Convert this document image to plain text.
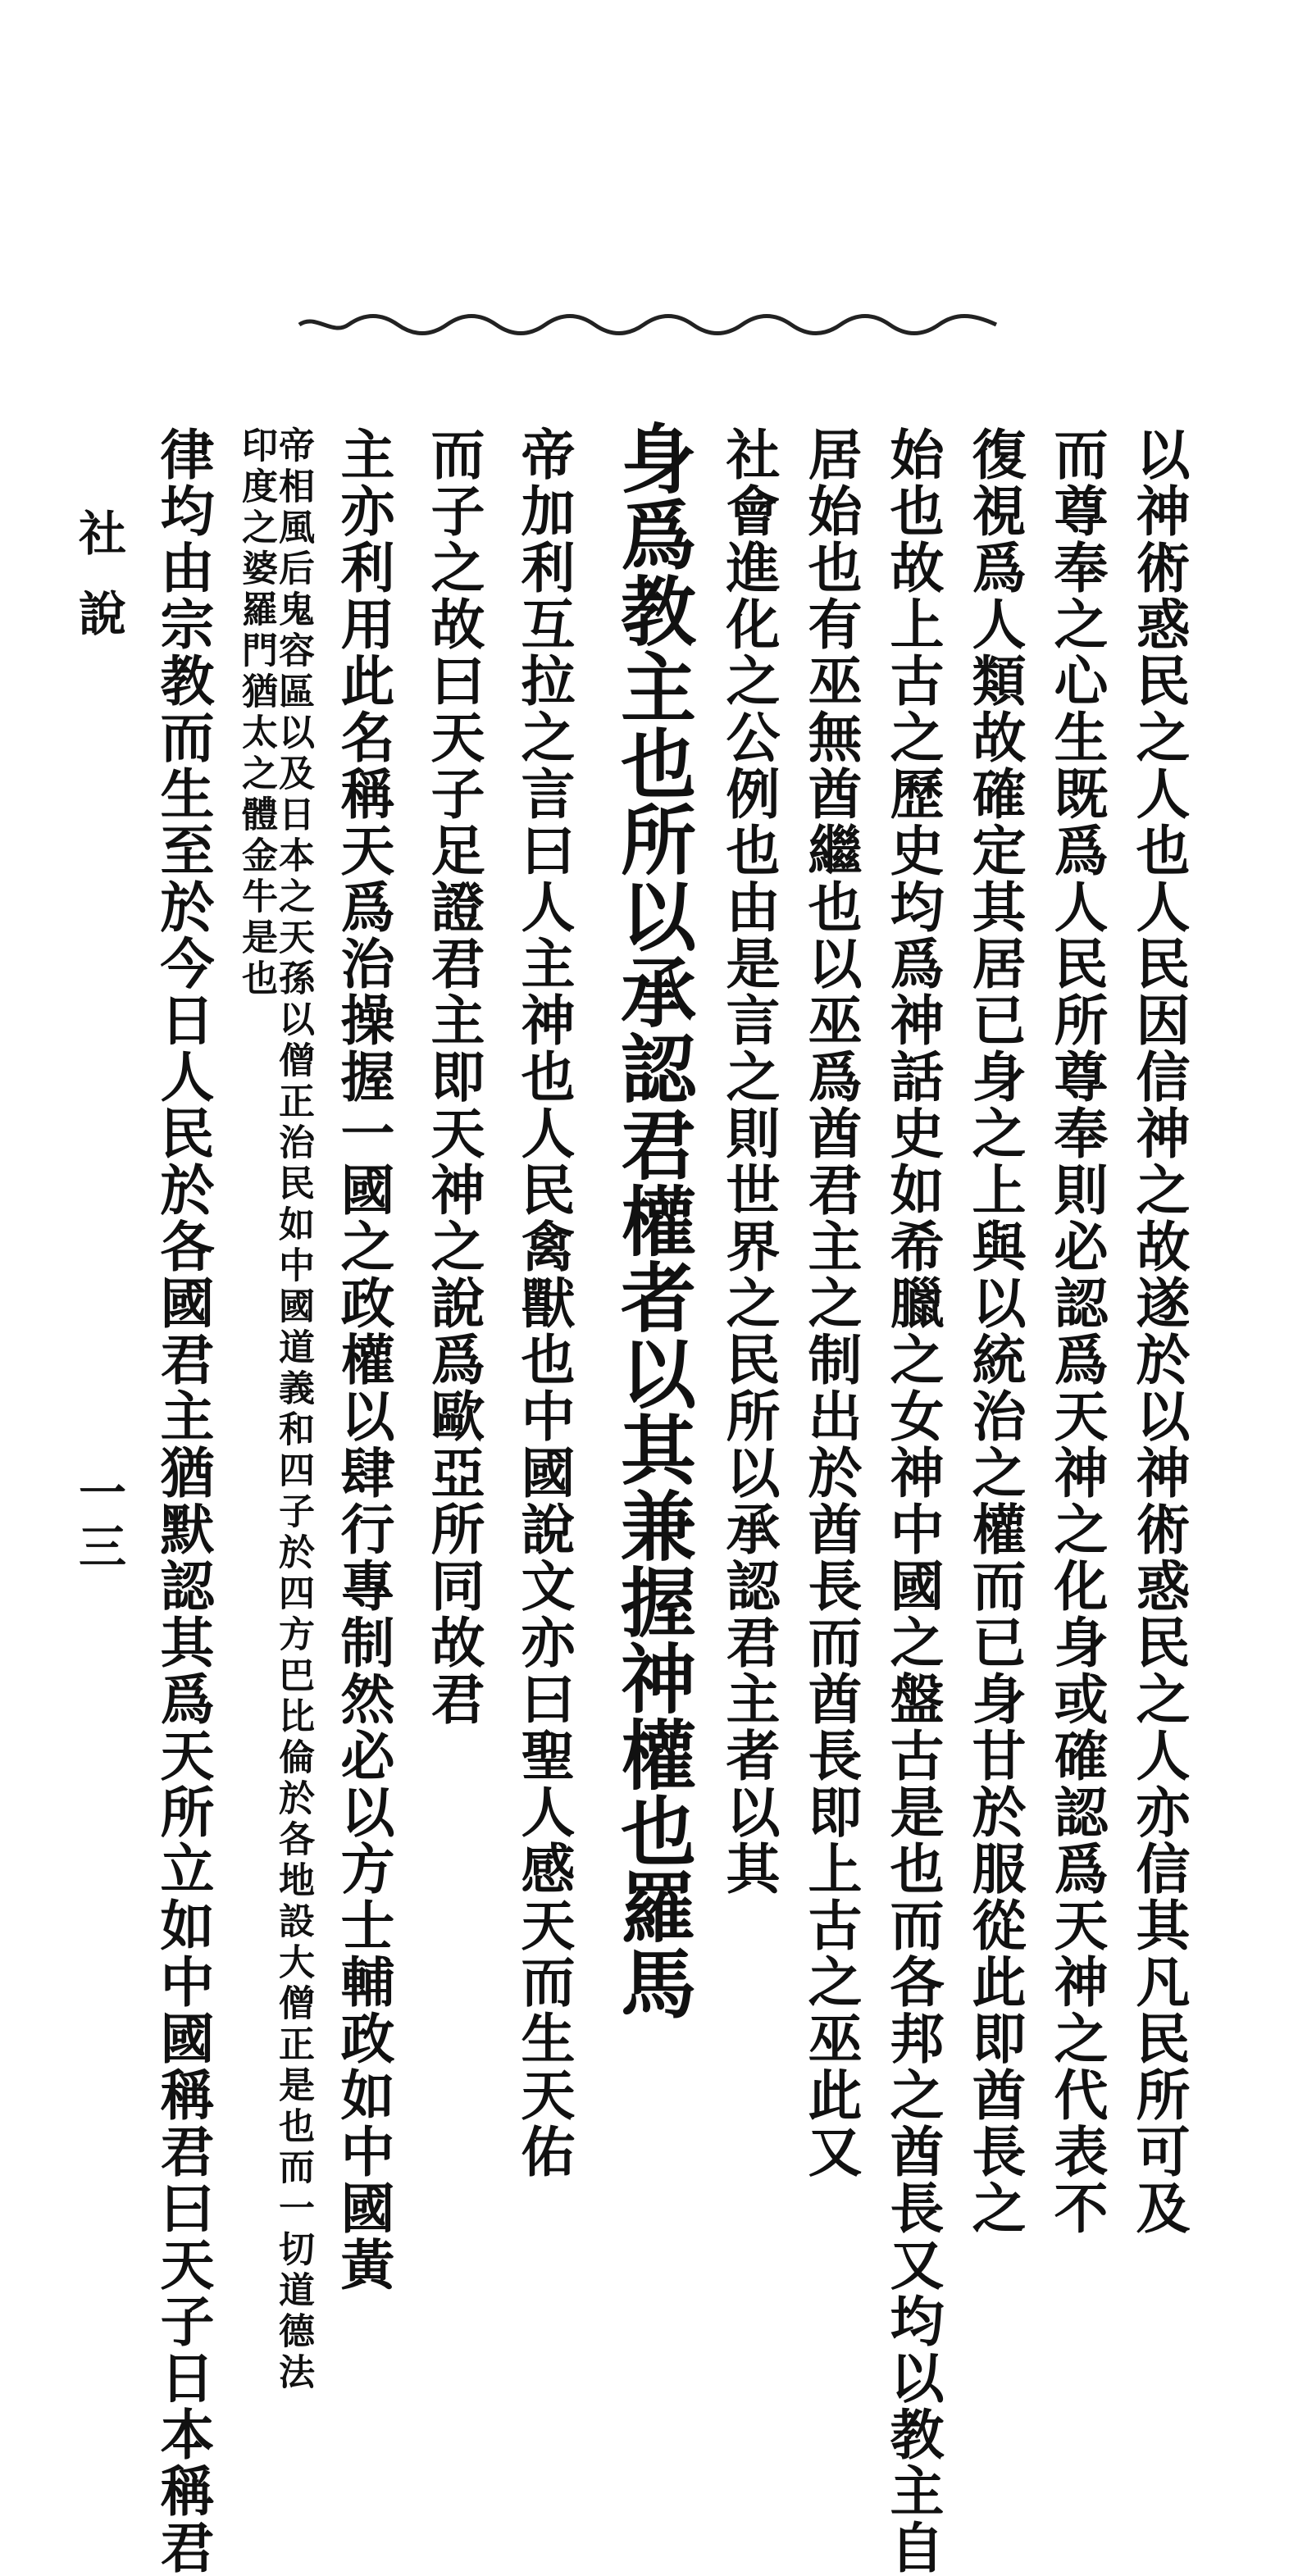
以神術惑民之人也人民因信神之故遂於以神術惑民之人亦信其凡民所可及
而尊奉之心生既爲人民所尊奉則必認爲天神之化身或確認爲天神之代表不
復視爲人類故確定其居已身之上與以統治之權而已身甘於服從此即酋長之
始也故上古之歷史均爲神話史如希臘之女神中國之盤古是也而各邦之酋長又均以教主自
居始也有巫無酋繼也以巫爲酋君主之制出於酋長而酋長即上古之巫此又
社會進化之公例也由是言之則世界之民所以承認君主者以其
身爲教主也所以承認君權者以其兼握神權也羅馬
帝加利互拉之言曰人主神也人民禽獸也中國說文亦曰聖人感天而生天佑
而子之故曰天子足證君主即天神之說爲歐亞所同故君
主亦利用此名稱天爲治操握一國之政權以肆行專制然必以方士輔政如中國黃
帝相風后鬼容區以及日本之天孫以僧正治民如中國道義和四子於四方巴比倫於各地設大僧正是也而一切道德法
印度之婆羅門猶太之體金牛是也
律均由宗教而生至於今日人民於各國君主猶默認其爲天所立如中國稱君曰天子日本稱君
社說
一三
